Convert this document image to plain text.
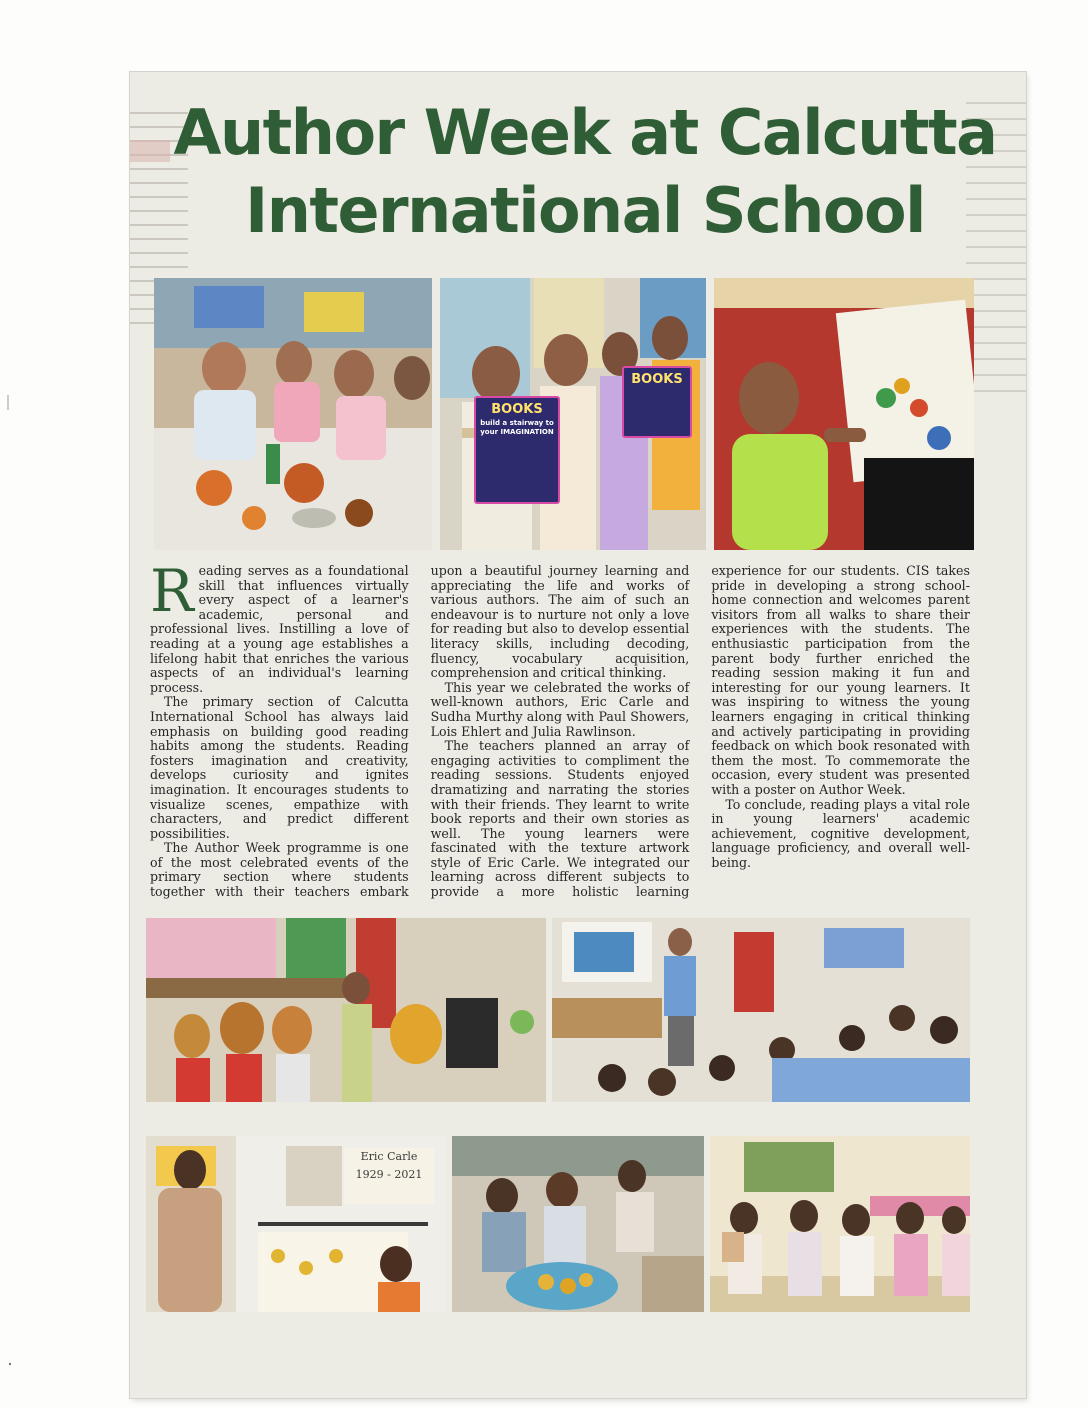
Author Week at Calcutta
International School
BOOKS
build a stairway to your IMAGINATION
BOOKS

Reading serves as a foundational skill that influences virtually every aspect of a learner's academic, personal and professional lives. Instilling a love of reading at a young age establishes a lifelong habit that enriches the various aspects of an individual's learning process.

The primary section of Calcutta International School has always laid emphasis on building good reading habits among the students. Reading fosters imagination and creativity, develops curiosity and ignites imagination. It encourages students to visualize scenes, empathize with characters, and predict different possibilities.

The Author Week programme is one of the most celebrated events of the primary section where students together with their teachers embark upon a beautiful journey learning and appreciating the life and works of various authors. The aim of such an endeavour is to nurture not only a love for reading but also to develop essential literacy skills, including decoding, fluency, vocabulary acquisition, comprehension and critical thinking.

This year we celebrated the works of well-known authors, Eric Carle and Sudha Murthy along with Paul Showers, Lois Ehlert and Julia Rawlinson.

The teachers planned an array of engaging activities to compliment the reading sessions. Students enjoyed dramatizing and narrating the stories with their friends. They learnt to write book reports and their own stories as well. The young learners were fascinated with the texture artwork style of Eric Carle. We integrated our learning across different subjects to provide a more holistic learning experience for our students. CIS takes pride in developing a strong school-home connection and welcomes parent visitors from all walks to share their experiences with the students. The enthusiastic participation from the parent body further enriched the reading session making it fun and interesting for our young learners. It was inspiring to witness the young learners engaging in critical thinking and actively participating in providing feedback on which book resonated with them the most. To commemorate the occasion, every student was presented with a poster on Author Week.

To conclude, reading plays a vital role in young learners' academic achievement, cognitive development, language proficiency, and overall well-being.

Eric Carle
1929 - 2021
